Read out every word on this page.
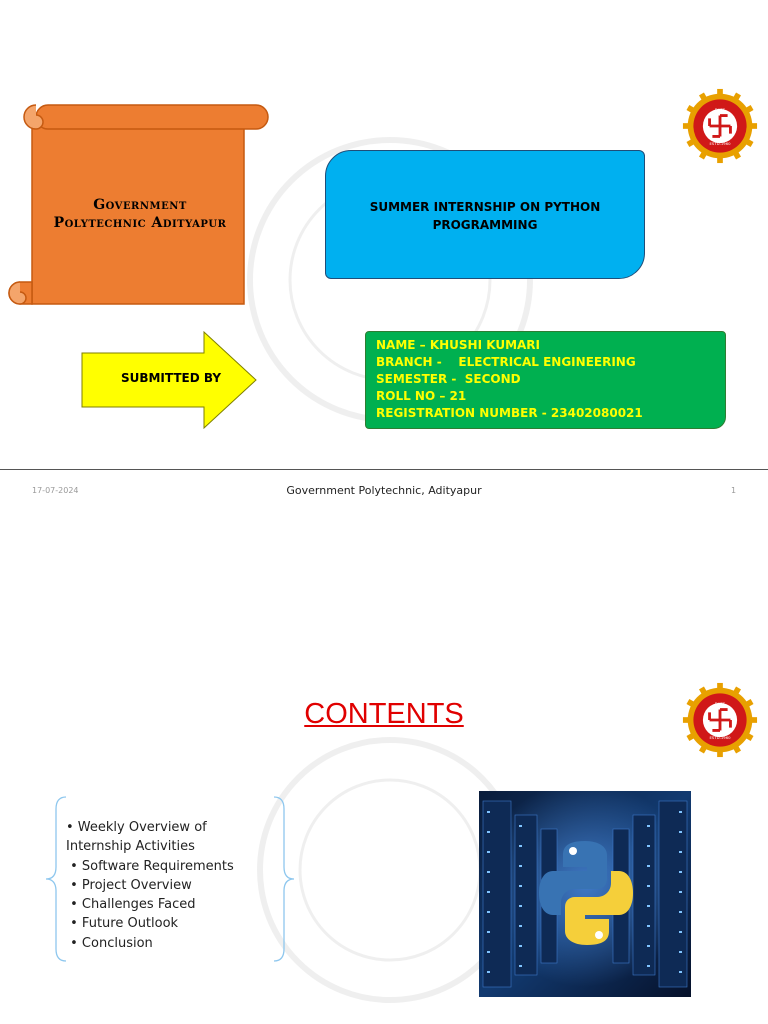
Government
Polytechnic Adityapur
SUMMER INTERNSHIP ON PYTHON
PROGRAMMING
SUBMITTED BY
NAME – KHUSHI KUMARI
BRANCH -    ELECTRICAL ENGINEERING
SEMESTER -  SECOND
ROLL NO – 21
REGISTRATION NUMBER - 23402080021
ESTD-1960
DHTE
17-07-2024	Government Polytechnic, Adityapur	1
CONTENTS
ESTD-1960
DHTE
• Weekly Overview of
Internship Activities
• Software Requirements
• Project Overview
• Challenges Faced
• Future Outlook
• Conclusion
